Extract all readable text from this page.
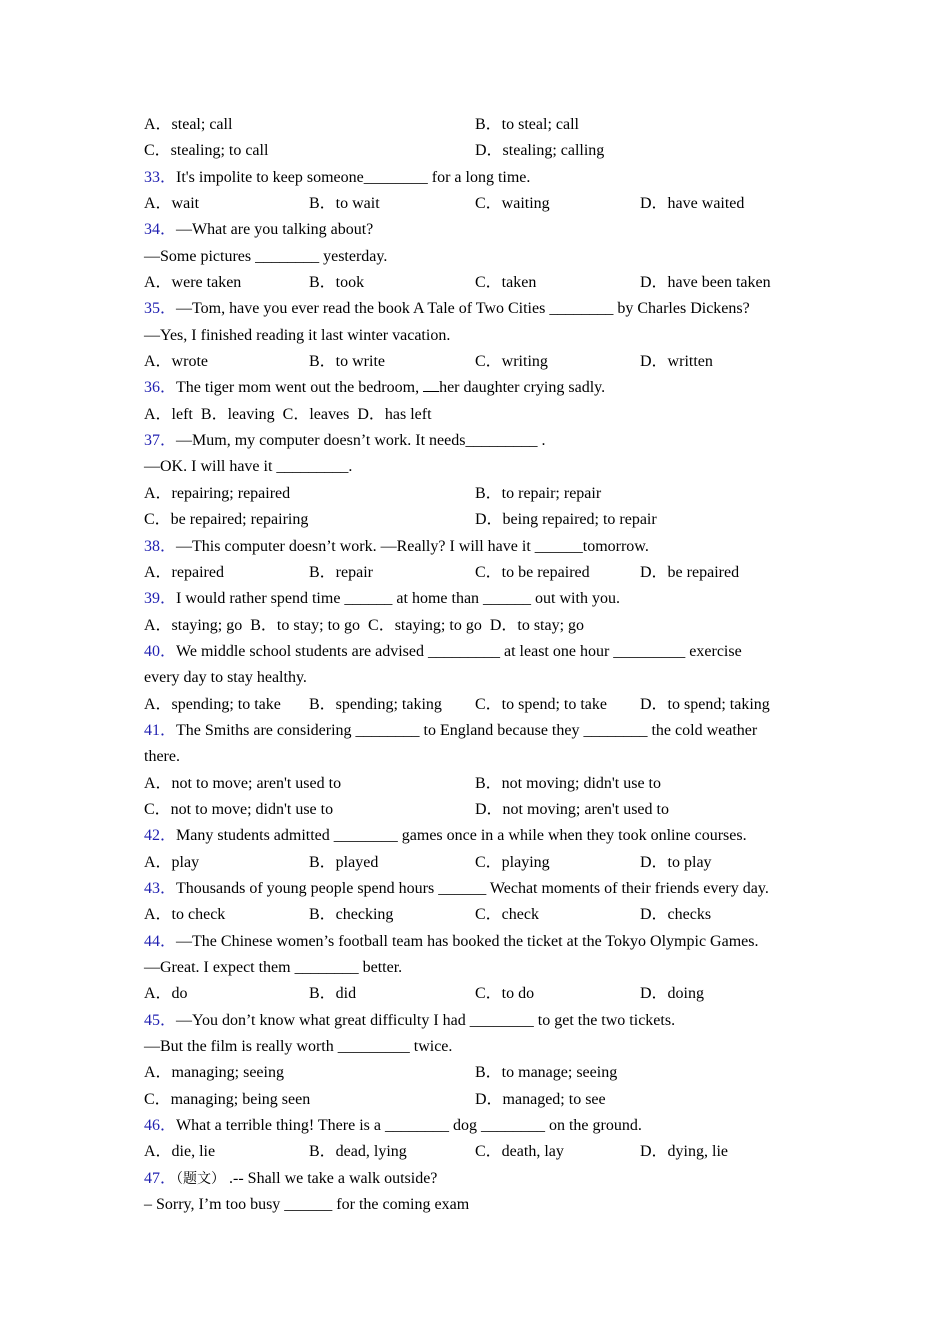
A．steal; call	B．to steal; call
C．stealing; to call	D．stealing; calling
33．It's impolite to keep someone________ for a long time.
A．wait	B．to wait	C．waiting	D．have waited
34．—What are you talking about?
—Some pictures ________ yesterday.
A．were taken	B．took	C．taken	D．have been taken
35．—Tom, have you ever read the book A Tale of Two Cities ________ by Charles Dickens?
—Yes, I finished reading it last winter vacation.
A．wrote	B．to write	C．writing	D．written
36．The tiger mom went out the bedroom, her daughter crying sadly.
A．left B．leaving C．leaves D．has left
37．—Mum, my computer doesn’t work. It needs_________ .
—OK. I will have it _________.
A．repairing; repaired	B．to repair; repair
C．be repaired; repairing	D．being repaired; to repair
38．—This computer doesn’t work. —Really? I will have it ______tomorrow.
A．repaired	B．repair	C．to be repaired	D．be repaired
39．I would rather spend time ______ at home than ______ out with you.
A．staying; go B．to stay; to go C．staying; to go D．to stay; go
40．We middle school students are advised _________ at least one hour _________ exercise
every day to stay healthy.
A．spending; to take B．spending; taking C．to spend; to take D．to spend; taking
41．The Smiths are considering ________ to England because they ________ the cold weather
there.
A．not to move; aren't used to	B．not moving; didn't use to
C．not to move; didn't use to	D．not moving; aren't used to
42．Many students admitted ________ games once in a while when they took online courses.
A．play	B．played	C．playing	D．to play
43．Thousands of young people spend hours ______ Wechat moments of their friends every day.
A．to check	B．checking	C．check	D．checks
44．—The Chinese women’s football team has booked the ticket at the Tokyo Olympic Games.
—Great. I expect them ________ better.
A．do	B．did	C．to do	D．doing
45．—You don’t know what great difficulty I had ________ to get the two tickets.
—But the film is really worth _________ twice.
A．managing; seeing	B．to manage; seeing
C．managing; being seen	D．managed; to see
46．What a terrible thing! There is a ________ dog ________ on the ground.
A．die, lie	B．dead, lying	C．death, lay	D．dying, lie
47．（题文） .-- Shall we take a walk outside?
– Sorry, I’m too busy ______ for the coming exam
